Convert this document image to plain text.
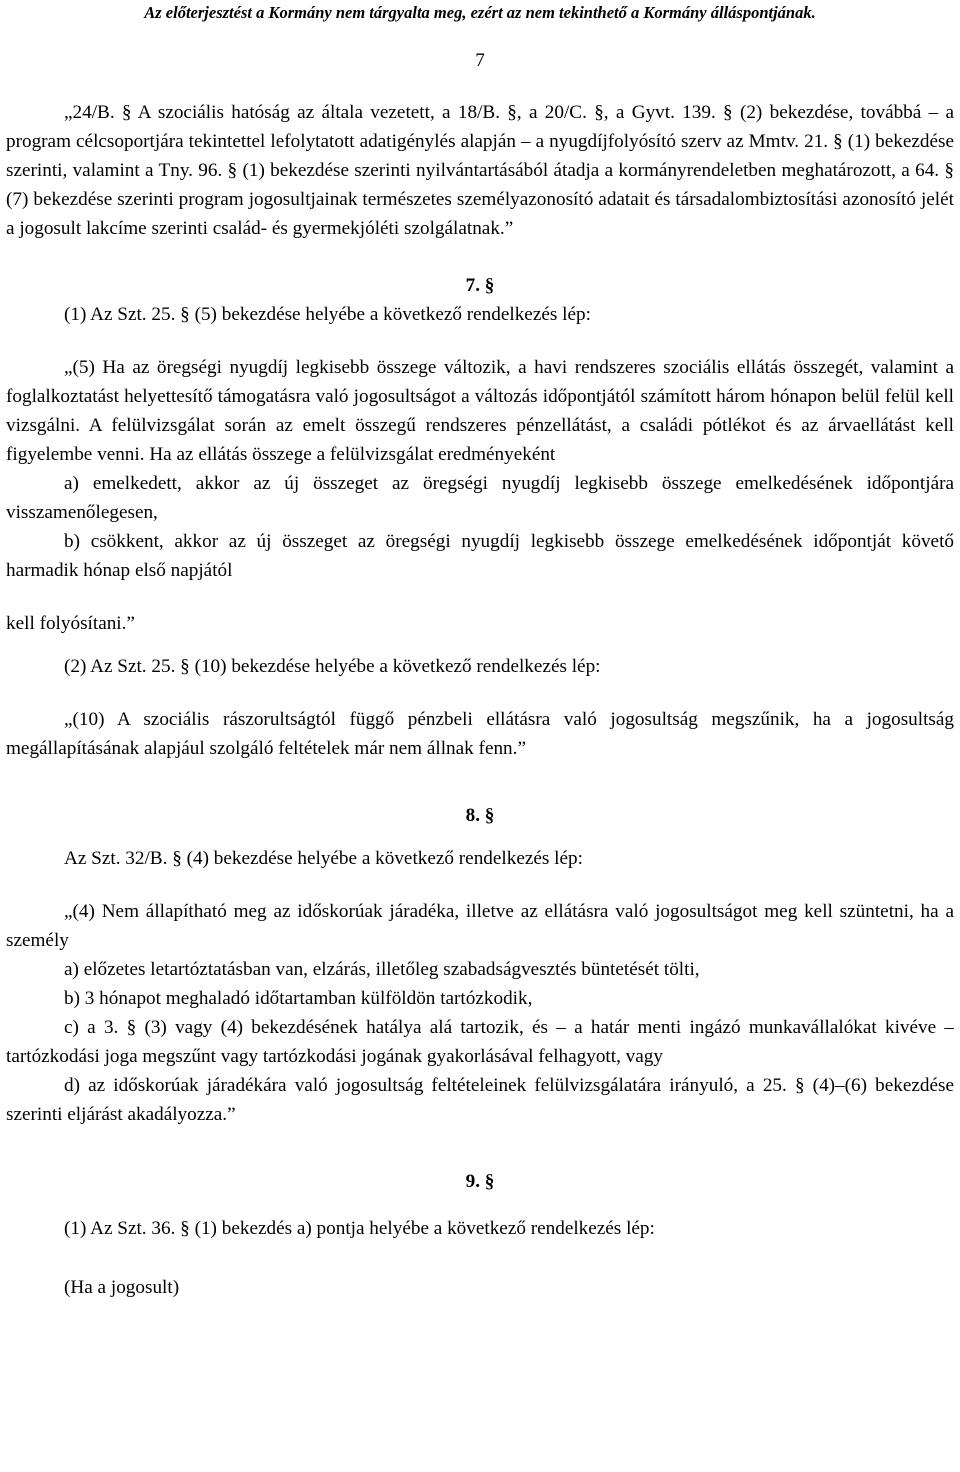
Az előterjesztést a Kormány nem tárgyalta meg, ezért az nem tekinthető a Kormány álláspontjának.
7

„24/B. § A szociális hatóság az általa vezetett, a 18/B. §, a 20/C. §, a Gyvt. 139. § (2) bekezdése, továbbá – a program célcsoportjára tekintettel lefolytatott adatigénylés alapján – a nyugdíjfolyósító szerv az Mmtv. 21. § (1) bekezdése szerinti, valamint a Tny. 96. § (1) bekezdése szerinti nyilvántartásából átadja a kormányrendeletben meghatározott, a 64. § (7) bekezdése szerinti program jogosultjainak természetes személyazonosító adatait és társadalombiztosítási azonosító jelét a jogosult lakcíme szerinti család- és gyermekjóléti szolgálatnak.”

7. §

(1) Az Szt. 25. § (5) bekezdése helyébe a következő rendelkezés lép:

„(5) Ha az öregségi nyugdíj legkisebb összege változik, a havi rendszeres szociális ellátás összegét, valamint a foglalkoztatást helyettesítő támogatásra való jogosultságot a változás időpontjától számított három hónapon belül felül kell vizsgálni. A felülvizsgálat során az emelt összegű rendszeres pénzellátást, a családi pótlékot és az árvaellátást kell figyelembe venni. Ha az ellátás összege a felülvizsgálat eredményeként

a) emelkedett, akkor az új összeget az öregségi nyugdíj legkisebb összege emelkedésének időpontjára visszamenőlegesen,

b) csökkent, akkor az új összeget az öregségi nyugdíj legkisebb összege emelkedésének időpontját követő harmadik hónap első napjától

kell folyósítani.”

(2) Az Szt. 25. § (10) bekezdése helyébe a következő rendelkezés lép:

„(10) A szociális rászorultságtól függő pénzbeli ellátásra való jogosultság megszűnik, ha a jogosultság megállapításának alapjául szolgáló feltételek már nem állnak fenn.”

8. §

Az Szt. 32/B. § (4) bekezdése helyébe a következő rendelkezés lép:

„(4) Nem állapítható meg az időskorúak járadéka, illetve az ellátásra való jogosultságot meg kell szüntetni, ha a személy

a) előzetes letartóztatásban van, elzárás, illetőleg szabadságvesztés büntetését tölti,

b) 3 hónapot meghaladó időtartamban külföldön tartózkodik,

c) a 3. § (3) vagy (4) bekezdésének hatálya alá tartozik, és – a határ menti ingázó munkavállalókat kivéve – tartózkodási joga megszűnt vagy tartózkodási jogának gyakorlásával felhagyott, vagy

d) az időskorúak járadékára való jogosultság feltételeinek felülvizsgálatára irányuló, a 25. § (4)–(6) bekezdése szerinti eljárást akadályozza.”

9. §

(1) Az Szt. 36. § (1) bekezdés a) pontja helyébe a következő rendelkezés lép:

(Ha a jogosult)
